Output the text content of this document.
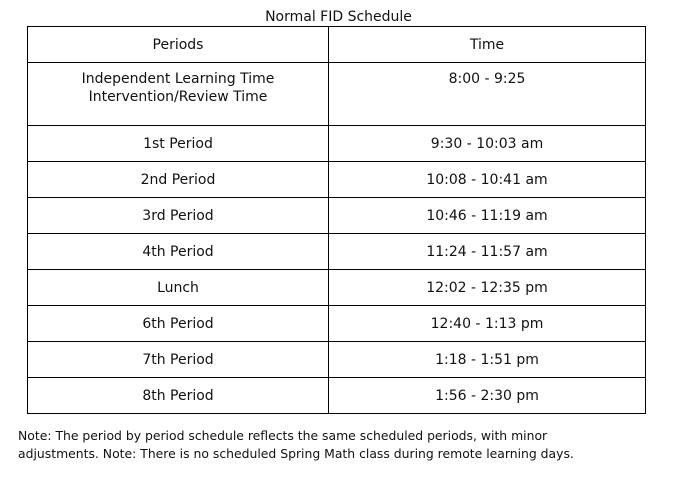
Normal FID Schedule
Periods	Time

Independent Learning Time
Intervention/Review Time	8:00 - 9:25
1st Period	9:30 - 10:03 am
2nd Period	10:08 - 10:41 am
3rd Period	10:46 - 11:19 am
4th Period	11:24 - 11:57 am
Lunch	12:02 - 12:35 pm
6th Period	12:40 - 1:13 pm
7th Period	1:18 - 1:51 pm
8th Period	1:56 - 2:30 pm
Note: The period by period schedule reflects the same scheduled periods, with minor adjustments. Note: There is no scheduled Spring Math class during remote learning days.
